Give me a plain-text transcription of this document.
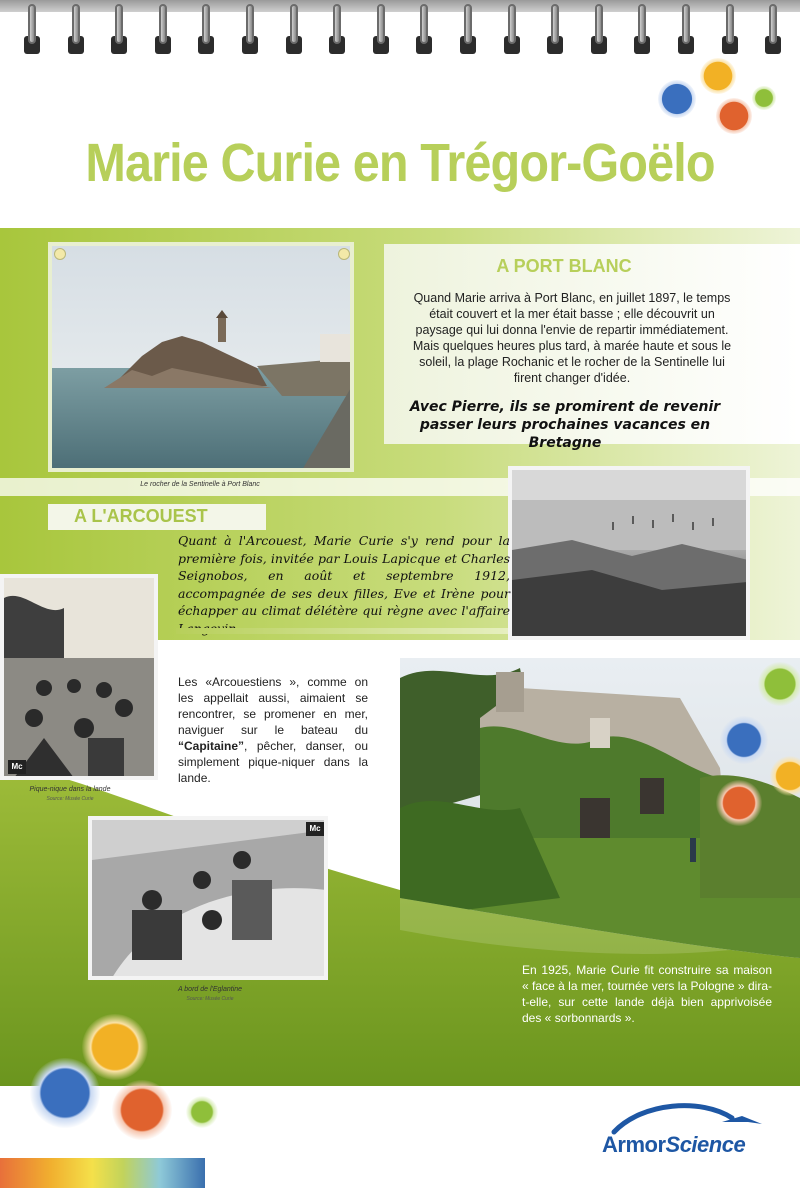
Marie Curie en Trégor-Goëlo
A PORT BLANC
Quand Marie arriva à Port Blanc, en juillet 1897, le temps était couvert et la mer était basse ; elle découvrit un paysage qui lui donna l'envie de repartir immédiatement. Mais quelques heures plus tard, à marée haute et sous le soleil, la plage Rochanic et le rocher de la Sentinelle lui firent changer d'idée.
Avec Pierre, ils se promirent de revenir passer leurs prochaines vacances en Bretagne
Le rocher de la Sentinelle à Port Blanc
A L'ARCOUEST
Quant à l'Arcouest, Marie Curie s'y rend pour la première fois, invitée par Louis Lapicque et Charles Seignobos, en août et septembre 1912, accompagnée de ses deux filles, Eve et Irène pour échapper au climat délétère qui règne avec l'affaire
Mc
Pique-nique dans la lande
Source: Musée Curie
Les «Arcouestiens », comme on les appellait aussi, aimaient se rencontrer, se promener en mer, naviguer sur le bateau du “Capitaine”, pêcher, danser, ou simplement pique-niquer dans la lande.
Mc
A bord de l'Eglantine
Source: Musée Curie
En 1925, Marie Curie fit construire sa maison « face à la mer, tournée vers la Pologne » dira-t-elle, sur cette lande déjà bien apprivoisée des « sorbonnards ».
ArmorScience
